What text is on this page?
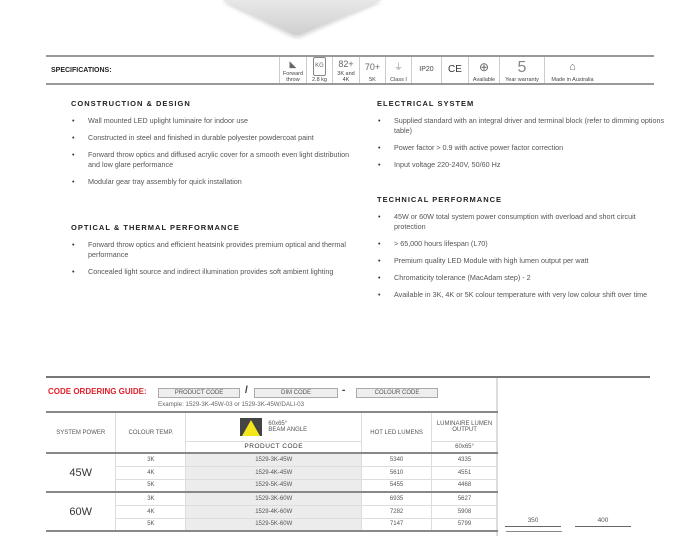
SPECIFICATIONS:
◣
Forward
throw
KG
2.8 kg
82+
3K and 4K
70+
5K
⏚
Class I
IP20 CE ⊕
Available
5
Year warranty
⌂
Made in Australia
CONSTRUCTION & DESIGN
• Wall mounted LED uplight luminaire for indoor use
• Constructed in steel and finished in durable polyester powdercoat paint
• Forward throw optics and diffused acrylic cover for a smooth even light distribution and low glare performance
• Modular gear tray assembly for quick installation
OPTICAL & THERMAL PERFORMANCE
• Forward throw optics and efficient heatsink provides premium optical and thermal performance
• Concealed light source and indirect illumination provides soft ambient lighting
ELECTRICAL SYSTEM
• Supplied standard with an integral driver and terminal block (refer to dimming options table)
• Power factor > 0.9 with active power factor correction
• Input voltage 220-240V, 50/60 Hz
TECHNICAL PERFORMANCE
• 45W or 60W total system power consumption with overload and short circuit protection
• > 65,000 hours lifespan (L70)
• Premium quality LED Module with high lumen output per watt
• Chromaticity tolerance (MacAdam step) - 2
• Available in 3K, 4K or 5K colour temperature with very low colour shift over time
CODE ORDERING GUIDE:	PRODUCT CODE	/	DIM CODE	-	COLOUR CODE
Example: 1529-3K-45W-03 or 1529-3K-45W/DALI-03
SYSTEM POWER	COLOUR TEMP.	60x65°
BEAM ANGLE	HOT LED LUMENS	LUMINAIRE LUMEN OUTPUT
		PRODUCT CODE		60x65°
45W	3K	1529-3K-45W	5340	4335
	4K	1529-4K-45W	5610	4551
	5K	1529-5K-45W	5455	4468
60W	3K	1529-3K-60W	6935	5627
	4K	1529-4K-60W	7282	5908
	5K	1529-5K-60W	7147	5799
350	400
